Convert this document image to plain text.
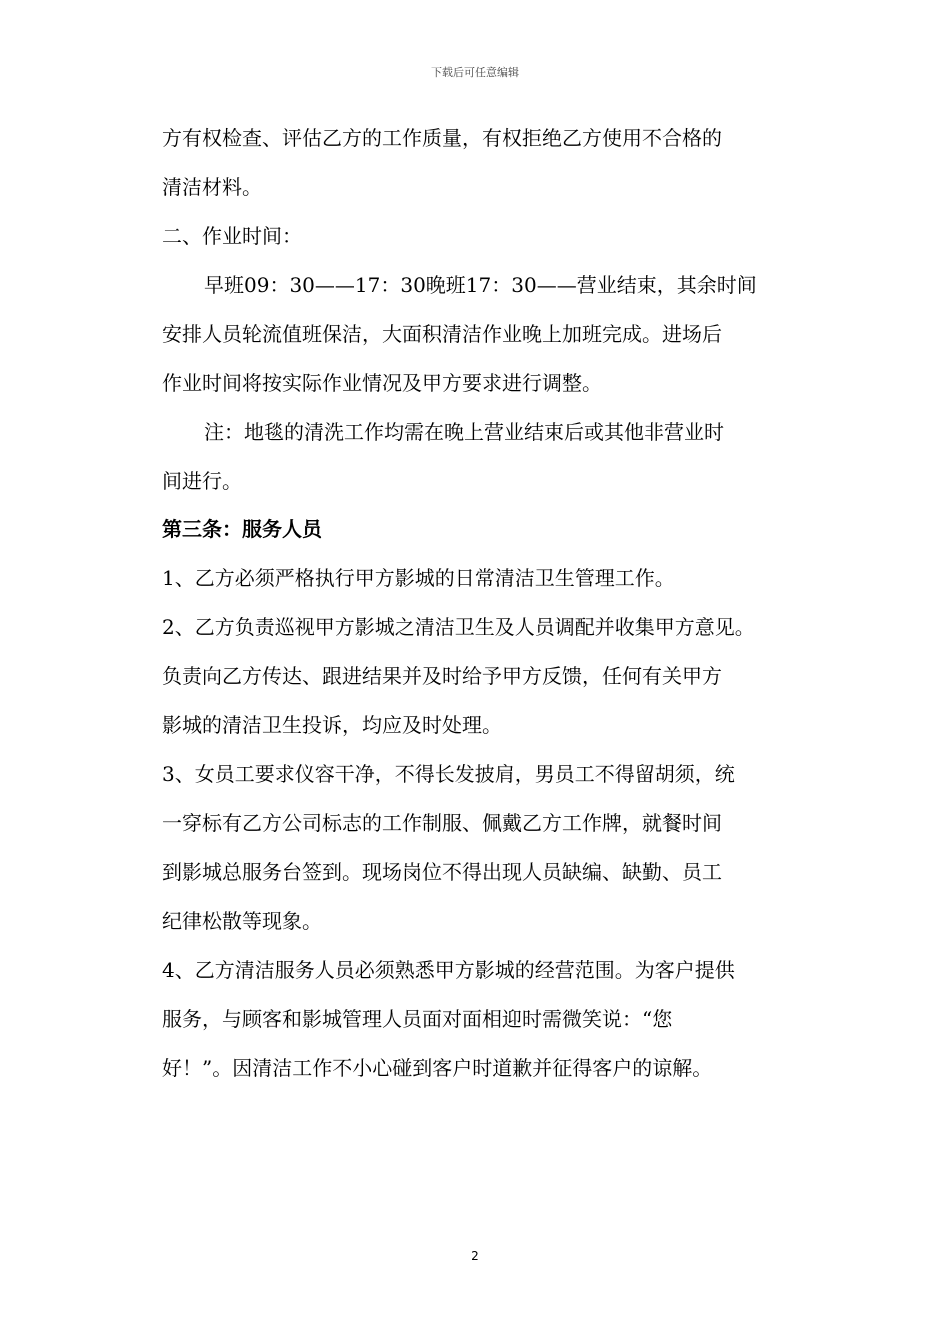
下载后可任意编辑
方有权检查、评估乙方的工作质量，有权拒绝乙方使用不合格的
清洁材料。
二、作业时间：
早班09：30——17：30晚班17：30——营业结束，其余时间
安排人员轮流值班保洁，大面积清洁作业晚上加班完成。进场后
作业时间将按实际作业情况及甲方要求进行调整。
注：地毯的清洗工作均需在晚上营业结束后或其他非营业时
间进行。
第三条：服务人员
1、乙方必须严格执行甲方影城的日常清洁卫生管理工作。
2、乙方负责巡视甲方影城之清洁卫生及人员调配并收集甲方意见。
负责向乙方传达、跟进结果并及时给予甲方反馈，任何有关甲方
影城的清洁卫生投诉，均应及时处理。
3、女员工要求仪容干净，不得长发披肩，男员工不得留胡须，统
一穿标有乙方公司标志的工作制服、佩戴乙方工作牌，就餐时间
到影城总服务台签到。现场岗位不得出现人员缺编、缺勤、员工
纪律松散等现象。
4、乙方清洁服务人员必须熟悉甲方影城的经营范围。为客户提供
服务，与顾客和影城管理人员面对面相迎时需微笑说：“您
好！”。因清洁工作不小心碰到客户时道歉并征得客户的谅解。
2
